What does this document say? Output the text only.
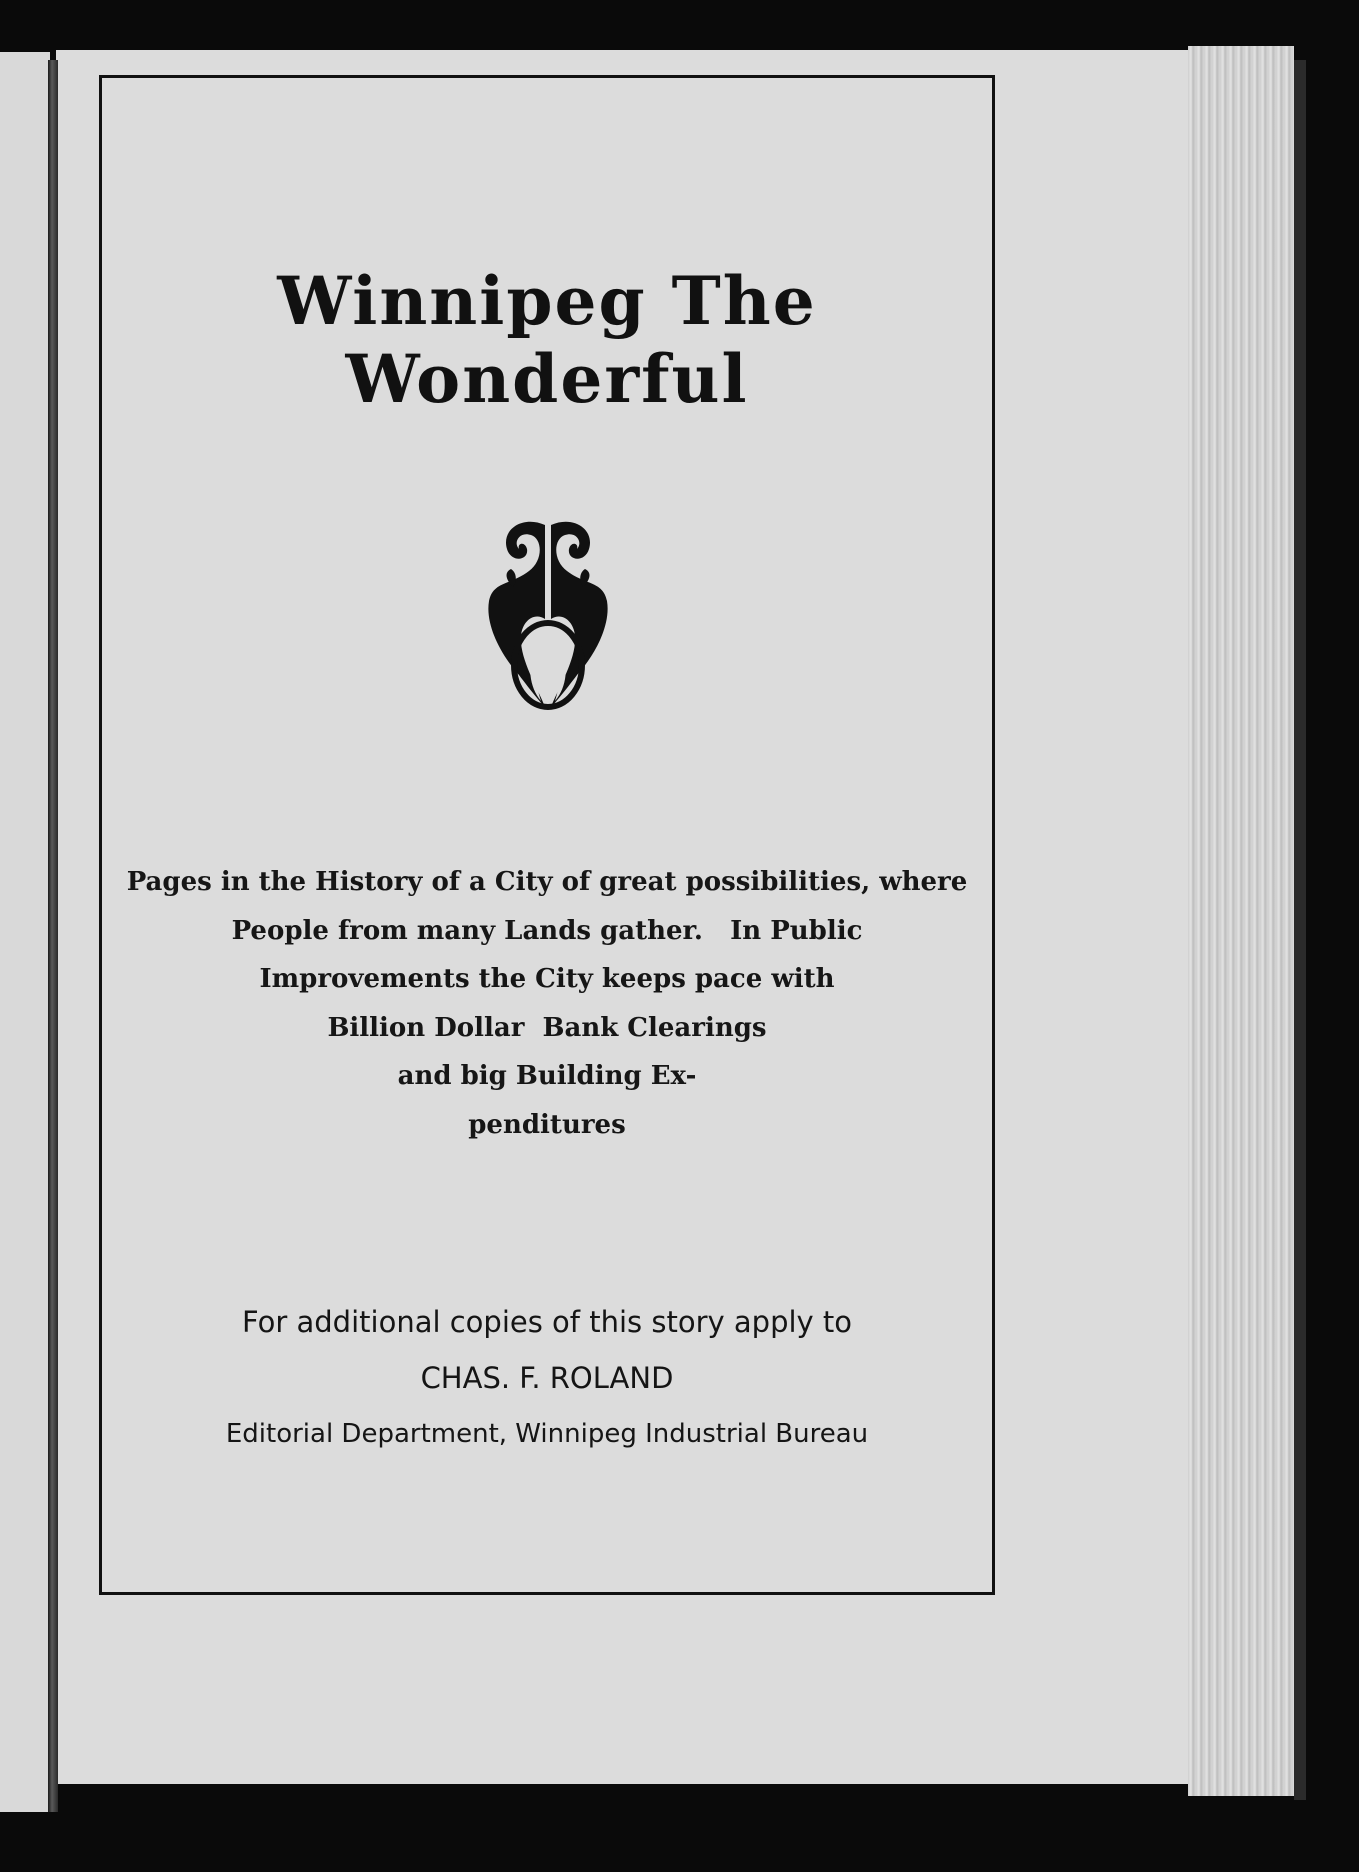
Winnipeg The Wonderful
Pages in the History of a City of great possibilities, where
People from many Lands gather.   In Public
Improvements the City keeps pace with
Billion Dollar  Bank Clearings
and big Building Ex-
penditures
For additional copies of this story apply to
CHAS. F. ROLAND
Editorial Department, Winnipeg Industrial Bureau
